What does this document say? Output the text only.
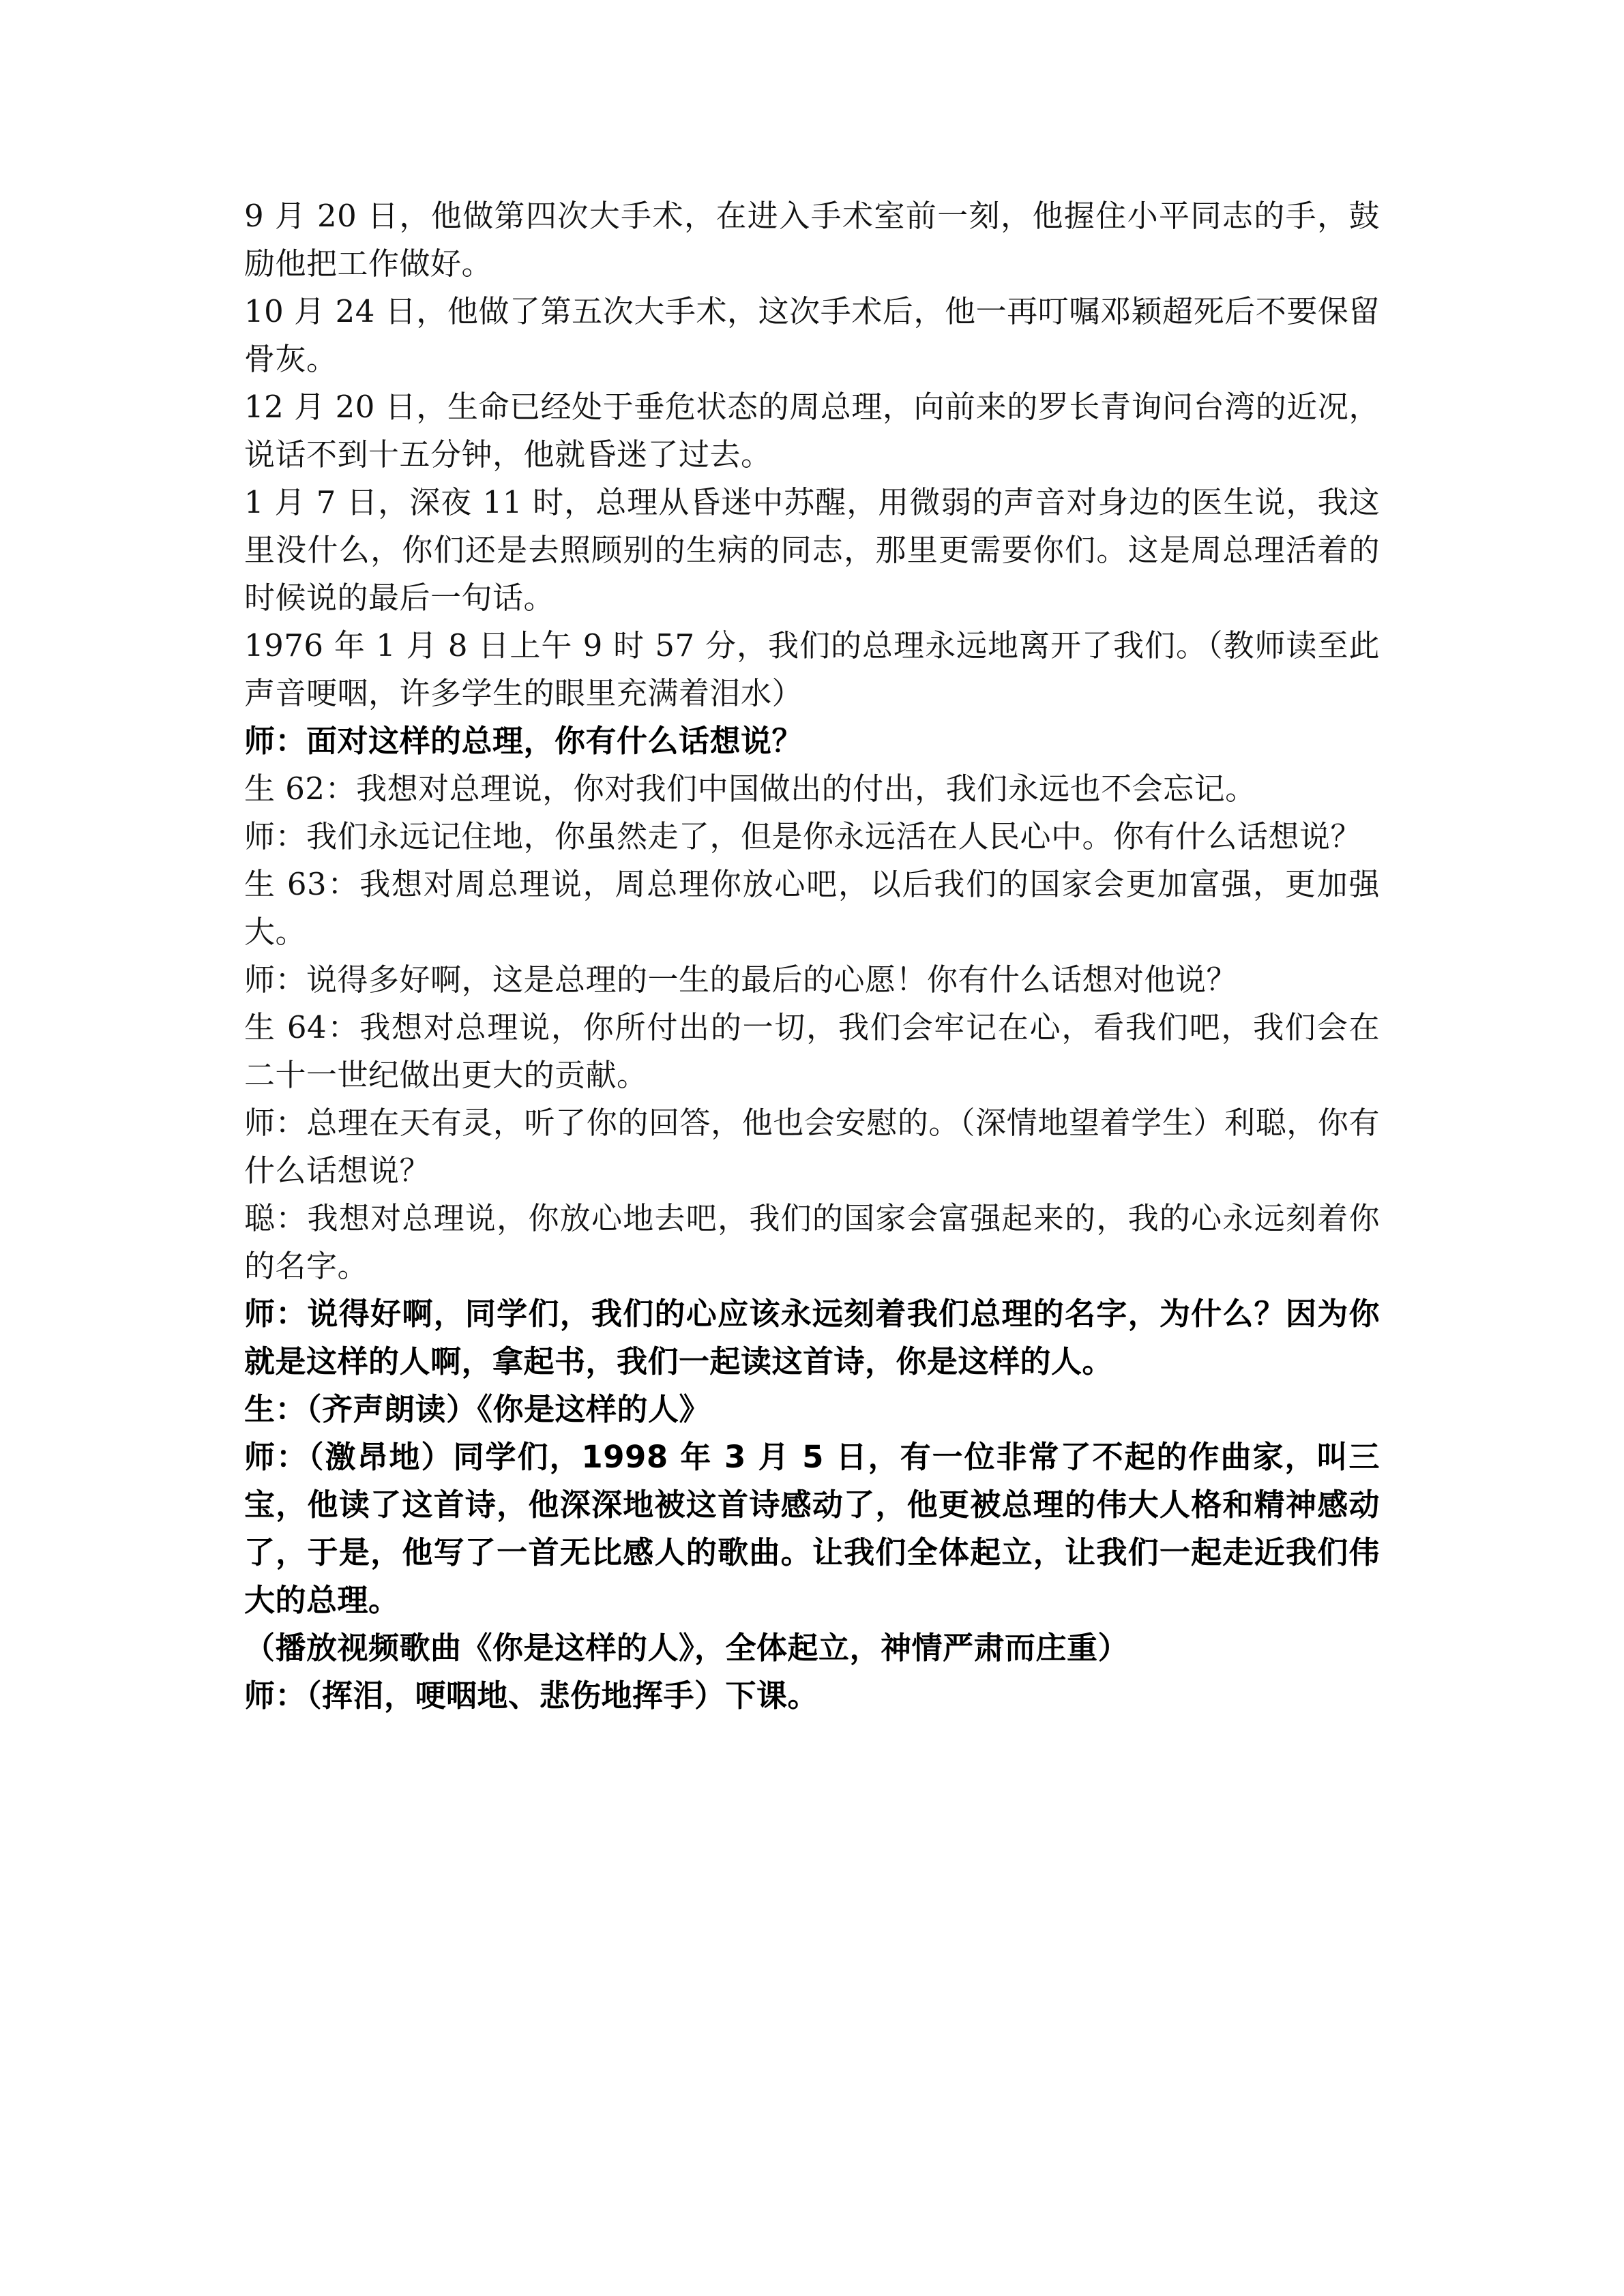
9 月 20 日，他做第四次大手术，在进入手术室前一刻，他握住小平同志的手，鼓励他把工作做好。

10 月 24 日，他做了第五次大手术，这次手术后，他一再叮嘱邓颖超死后不要保留骨灰。

12 月 20 日，生命已经处于垂危状态的周总理，向前来的罗长青询问台湾的近况，说话不到十五分钟，他就昏迷了过去。

1 月 7 日，深夜 11 时，总理从昏迷中苏醒，用微弱的声音对身边的医生说，我这里没什么，你们还是去照顾别的生病的同志，那里更需要你们。这是周总理活着的时候说的最后一句话。

1976 年 1 月 8 日上午 9 时 57 分，我们的总理永远地离开了我们。（教师读至此声音哽咽，许多学生的眼里充满着泪水）

师：面对这样的总理，你有什么话想说？

生 62：我想对总理说，你对我们中国做出的付出，我们永远也不会忘记。

师：我们永远记住地，你虽然走了，但是你永远活在人民心中。你有什么话想说？

生 63：我想对周总理说，周总理你放心吧，以后我们的国家会更加富强，更加强大。

师：说得多好啊，这是总理的一生的最后的心愿！你有什么话想对他说？

生 64：我想对总理说，你所付出的一切，我们会牢记在心，看我们吧，我们会在二十一世纪做出更大的贡献。

师：总理在天有灵，听了你的回答，他也会安慰的。（深情地望着学生）利聪，你有什么话想说？

聪：我想对总理说，你放心地去吧，我们的国家会富强起来的，我的心永远刻着你的名字。

师：说得好啊，同学们，我们的心应该永远刻着我们总理的名字，为什么？因为你就是这样的人啊，拿起书，我们一起读这首诗，你是这样的人。

生：（齐声朗读）《你是这样的人》

师：（激昂地）同学们，1998 年 3 月 5 日，有一位非常了不起的作曲家，叫三宝，他读了这首诗，他深深地被这首诗感动了，他更被总理的伟大人格和精神感动了，于是，他写了一首无比感人的歌曲。让我们全体起立，让我们一起走近我们伟大的总理。

（播放视频歌曲《你是这样的人》，全体起立，神情严肃而庄重）

师：（挥泪，哽咽地、悲伤地挥手）下课。
